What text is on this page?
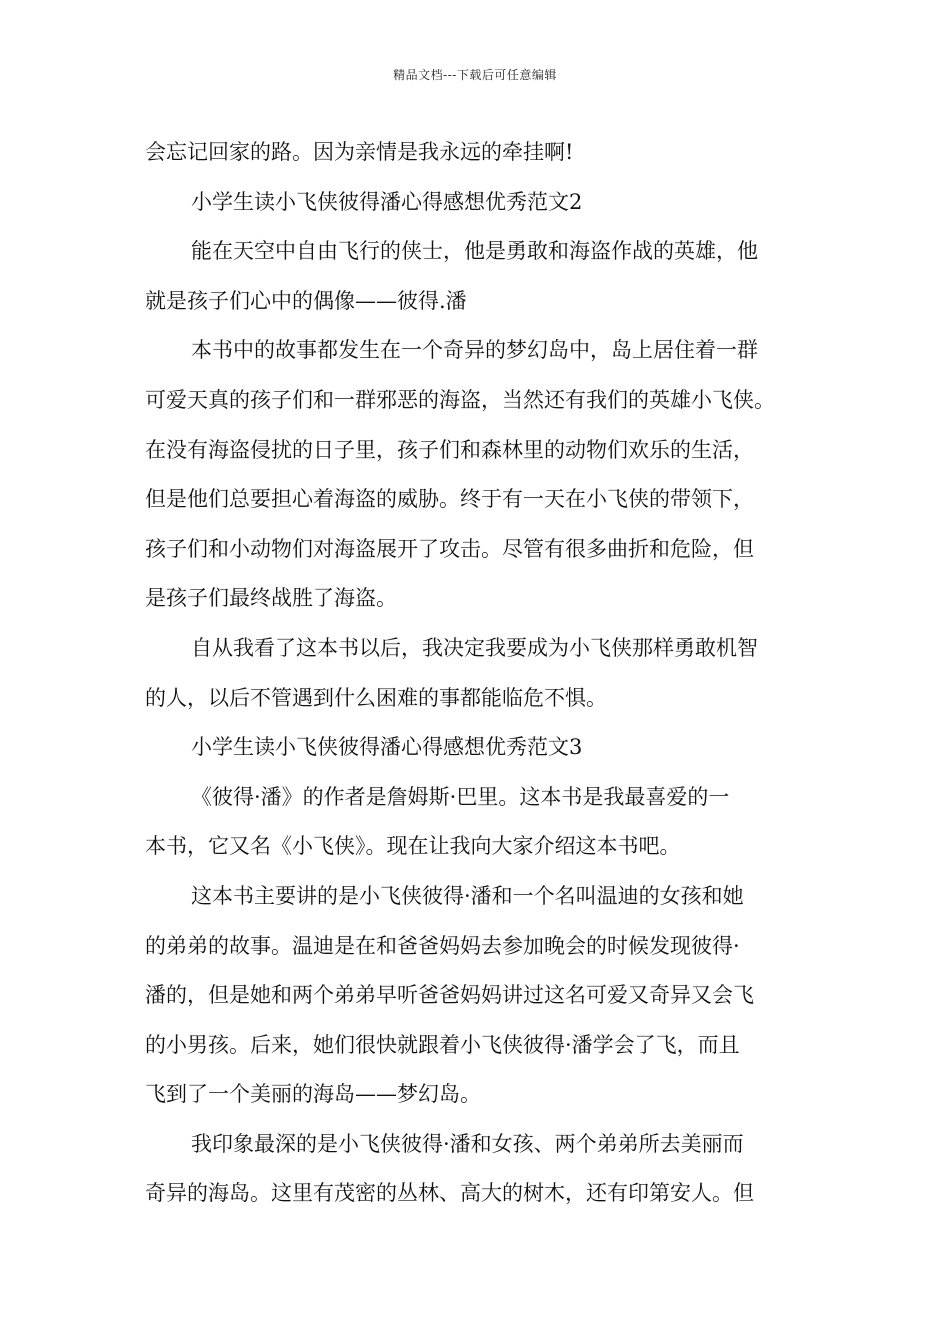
精品文档---下载后可任意编辑
会忘记回家的路。因为亲情是我永远的牵挂啊!
小学生读小飞侠彼得潘心得感想优秀范文2
能在天空中自由飞行的侠士，他是勇敢和海盗作战的英雄，他
就是孩子们心中的偶像——彼得.潘
本书中的故事都发生在一个奇异的梦幻岛中，岛上居住着一群
可爱天真的孩子们和一群邪恶的海盗，当然还有我们的英雄小飞侠。
在没有海盗侵扰的日子里，孩子们和森林里的动物们欢乐的生活，
但是他们总要担心着海盗的威胁。终于有一天在小飞侠的带领下，
孩子们和小动物们对海盗展开了攻击。尽管有很多曲折和危险，但
是孩子们最终战胜了海盗。
自从我看了这本书以后，我决定我要成为小飞侠那样勇敢机智
的人，以后不管遇到什么困难的事都能临危不惧。
小学生读小飞侠彼得潘心得感想优秀范文3
《彼得·潘》的作者是詹姆斯·巴里。这本书是我最喜爱的一
本书，它又名《小飞侠》。现在让我向大家介绍这本书吧。
这本书主要讲的是小飞侠彼得·潘和一个名叫温迪的女孩和她
的弟弟的故事。温迪是在和爸爸妈妈去参加晚会的时候发现彼得·
潘的，但是她和两个弟弟早听爸爸妈妈讲过这名可爱又奇异又会飞
的小男孩。后来，她们很快就跟着小飞侠彼得·潘学会了飞，而且
飞到了一个美丽的海岛——梦幻岛。
我印象最深的是小飞侠彼得·潘和女孩、两个弟弟所去美丽而
奇异的海岛。这里有茂密的丛林、高大的树木，还有印第安人。但
